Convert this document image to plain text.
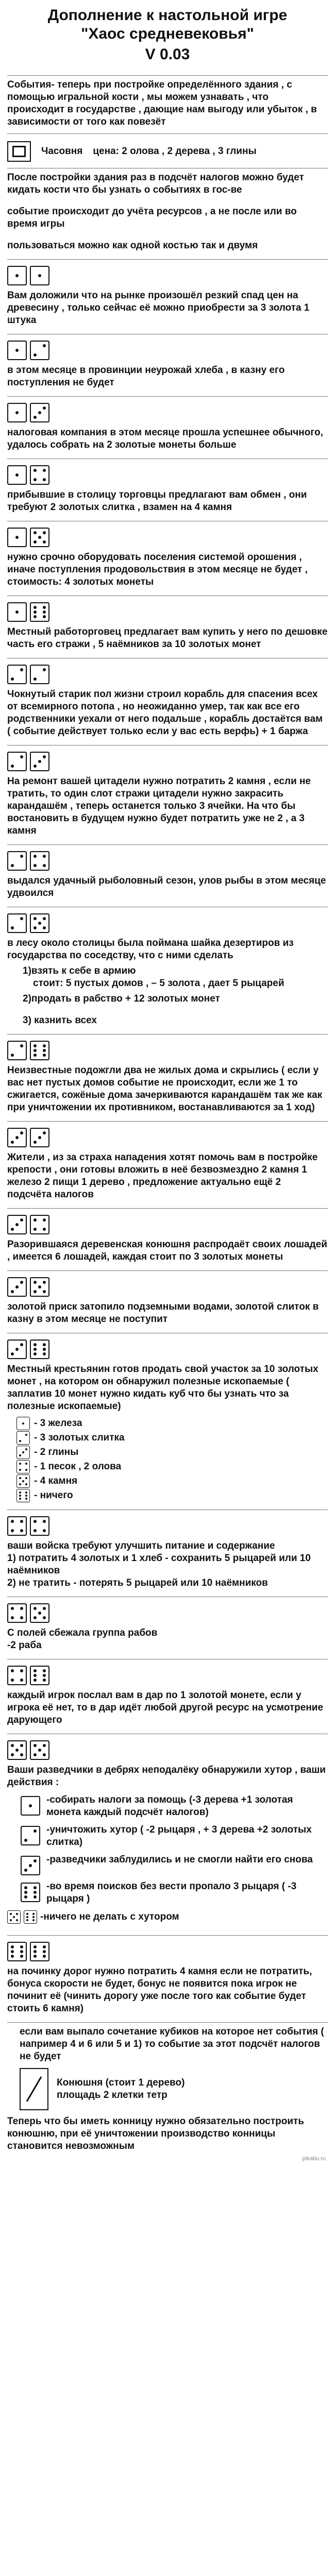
Дополнение к настольной игре
"Хаос средневековья"
V 0.03
События- теперь при постройке определённого здания , с помощью игральной кости , мы можем узнавать , что происходит в государстве , дающие нам выгоду или убыток , в зависимости от того как повезёт
Часовня цена: 2 олова , 2 дерева , 3 глины
После постройки здания раз в подсчёт налогов можно будет кидать кости что бы узнать о событиях в гос-ве
событие происходит до учёта ресурсов , а не после или во время игры
пользоваться можно как одной костью так и двумя
Вам доложили что на рынке произошёл резкий спад цен на древесину , только сейчас её можно приобрести за 3 золота 1 штука
в этом месяце в провинции неурожай хлеба , в казну его поступления не будет
налоговая компания в этом месяце прошла успешнее обычного, удалось собрать на 2 золотые монеты больше
прибывшие в столицу торговцы предлагают вам обмен , они требуют 2 золотых слитка , взамен на 4 камня
нужно срочно оборудовать поселения системой орошения , иначе поступления продовольствия в этом месяце не будет , стоимость: 4 золотых монеты
Местный работорговец предлагает вам купить у него по дешовке часть его стражи , 5 наёмников за 10 золотых монет
Чокнутый старик пол жизни строил корабль для спасения всех от всемирного потопа , но неожиданно умер, так как все его родственники уехали от него подальше , корабль достаётся вам ( событие действует только если у вас есть верфь) + 1 баржа
На ремонт вашей цитадели нужно потратить 2 камня , если не тратить, то один слот стражи цитадели нужно закрасить карандашём , теперь останется только 3 ячейки. На что бы востановить в будущем нужно будет потратить уже не 2 , а 3 камня
выдался удачный рыболовный сезон, улов рыбы в этом месяце удвоился
в лесу около столицы была поймана шайка дезертиров из государства по соседству, что с ними сделать
1)взять к себе в армию
стоит: 5 пустых домов , – 5 золота , дает 5 рыцарей
2)продать в рабство + 12 золотых монет
3) казнить всех
Неизвестные подожгли два не жилых дома и скрылись ( если у вас нет пустых домов событие не происходит, если же 1 то сжигается, сожёные дома зачеркиваются карандашём так же как при уничтожении их противником, востанавливаются за 1 ход)
Жители , из за страха нападения хотят помочь вам в постройке крепости , они готовы вложить в неё безвозмездно 2 камня 1 железо 2 пищи 1 дерево , предложение актуально ещё 2 подсчёта налогов
Разорившаяся деревенская конюшня распродаёт своих лошадей , имеется 6 лошадей, каждая стоит по 3 золотых монеты
золотой приск затопило подземными водами, золотой слиток в казну в этом месяце не поступит
Местный крестьянин готов продать свой участок за 10 золотых монет , на котором он обнаружил полезные ископаемые ( заплатив 10 монет нужно кидать куб что бы узнать что за полезные ископаемые)
- 3 железа
- 3 золотых слитка
- 2 глины
- 1 песок , 2 олова
- 4 камня
- ничего
ваши войска требуют улучшить питание и содержание
1) потратить 4 золотых и 1 хлеб - сохранить 5 рыцарей или 10 наёмников
2) не тратить - потерять 5 рыцарей или 10 наёмников
С полей сбежала группа рабов
-2 раба
каждый игрок послал вам в дар по 1 золотой монете, если у игрока её нет, то в дар идёт любой другой ресурс на усмотрение дарующего
Ваши разведчики в дебрях неподалёку обнаружили хутор , ваши действия :
-собирать налоги за помощь (-3 дерева +1 золотая монета каждый подсчёт налогов)
-уничтожить хутор ( -2 рыцаря , + 3 дерева +2 золотых слитка)
-разведчики заблудились и не смогли найти его снова
-во время поисков без вести пропало 3 рыцаря ( -3 рыцаря )
-ничего не делать с хутором
на починку дорог нужно потратить 4 камня если не потратить, бонуса скорости не будет, бонус не появится пока игрок не починит её (чинить дорогу уже после того как событие будет стоить 6 камня)
если вам выпало сочетание кубиков на которое нет события ( например 4 и 6 или 5 и 1) то событие за этот подсчёт налогов не будет
Конюшня (стоит 1 дерево)
площадь 2 клетки тетр
Теперь что бы иметь конницу нужно обязательно построить конюшню, при её уничтожении производство конницы становится невозможным
pikabu.ru
